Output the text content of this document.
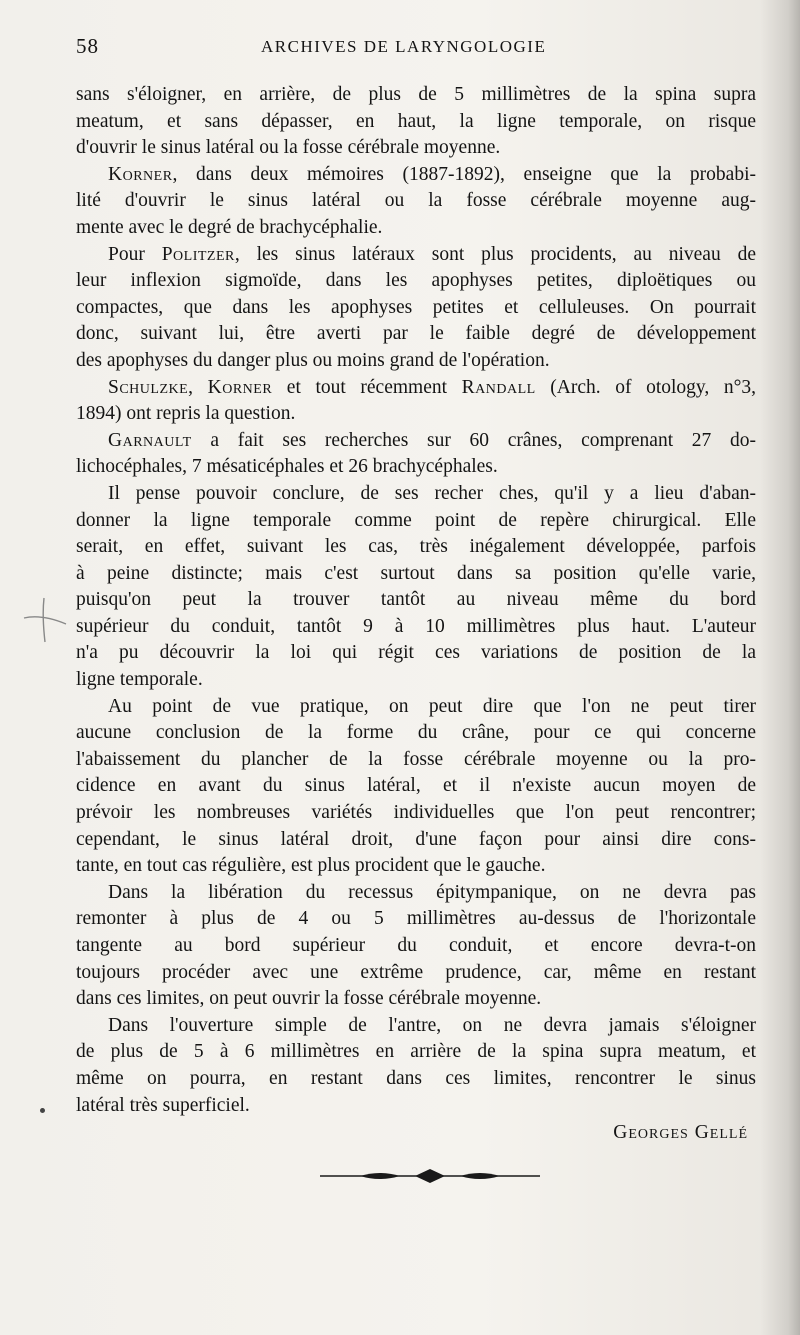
58	ARCHIVES DE LARYNGOLOGIE
sans s'éloigner, en arrière, de plus de 5 millimètres de la spina supra
meatum, et sans dépasser, en haut, la ligne temporale, on risque
d'ouvrir le sinus latéral ou la fosse cérébrale moyenne.
Korner, dans deux mémoires (1887-1892), enseigne que la probabi-
lité d'ouvrir le sinus latéral ou la fosse cérébrale moyenne aug-
mente avec le degré de brachycéphalie.
Pour Politzer, les sinus latéraux sont plus procidents, au niveau de
leur inflexion sigmoïde, dans les apophyses petites, diploëtiques ou
compactes, que dans les apophyses petites et celluleuses. On pourrait
donc, suivant lui, être averti par le faible degré de développement
des apophyses du danger plus ou moins grand de l'opération.
Schulzke, Korner et tout récemment Randall (Arch. of otology, n°3,
1894) ont repris la question.
Garnault a fait ses recherches sur 60 crânes, comprenant 27 do-
lichocéphales, 7 mésaticéphales et 26 brachycéphales.
Il pense pouvoir conclure, de ses recher ches, qu'il y a lieu d'aban-
donner la ligne temporale comme point de repère chirurgical. Elle
serait, en effet, suivant les cas, très inégalement développée, parfois
à peine distincte; mais c'est surtout dans sa position qu'elle varie,
puisqu'on peut la trouver tantôt au niveau même du bord
supérieur du conduit, tantôt 9 à 10 millimètres plus haut. L'auteur
n'a pu découvrir la loi qui régit ces variations de position de la
ligne temporale.
Au point de vue pratique, on peut dire que l'on ne peut tirer
aucune conclusion de la forme du crâne, pour ce qui concerne
l'abaissement du plancher de la fosse cérébrale moyenne ou la pro-
cidence en avant du sinus latéral, et il n'existe aucun moyen de
prévoir les nombreuses variétés individuelles que l'on peut rencontrer;
cependant, le sinus latéral droit, d'une façon pour ainsi dire cons-
tante, en tout cas régulière, est plus procident que le gauche.
Dans la libération du recessus épitympanique, on ne devra pas
remonter à plus de 4 ou 5 millimètres au-dessus de l'horizontale
tangente au bord supérieur du conduit, et encore devra-t-on
toujours procéder avec une extrême prudence, car, même en restant
dans ces limites, on peut ouvrir la fosse cérébrale moyenne.
Dans l'ouverture simple de l'antre, on ne devra jamais s'éloigner
de plus de 5 à 6 millimètres en arrière de la spina supra meatum, et
même on pourra, en restant dans ces limites, rencontrer le sinus
latéral très superficiel.
Georges Gellé
